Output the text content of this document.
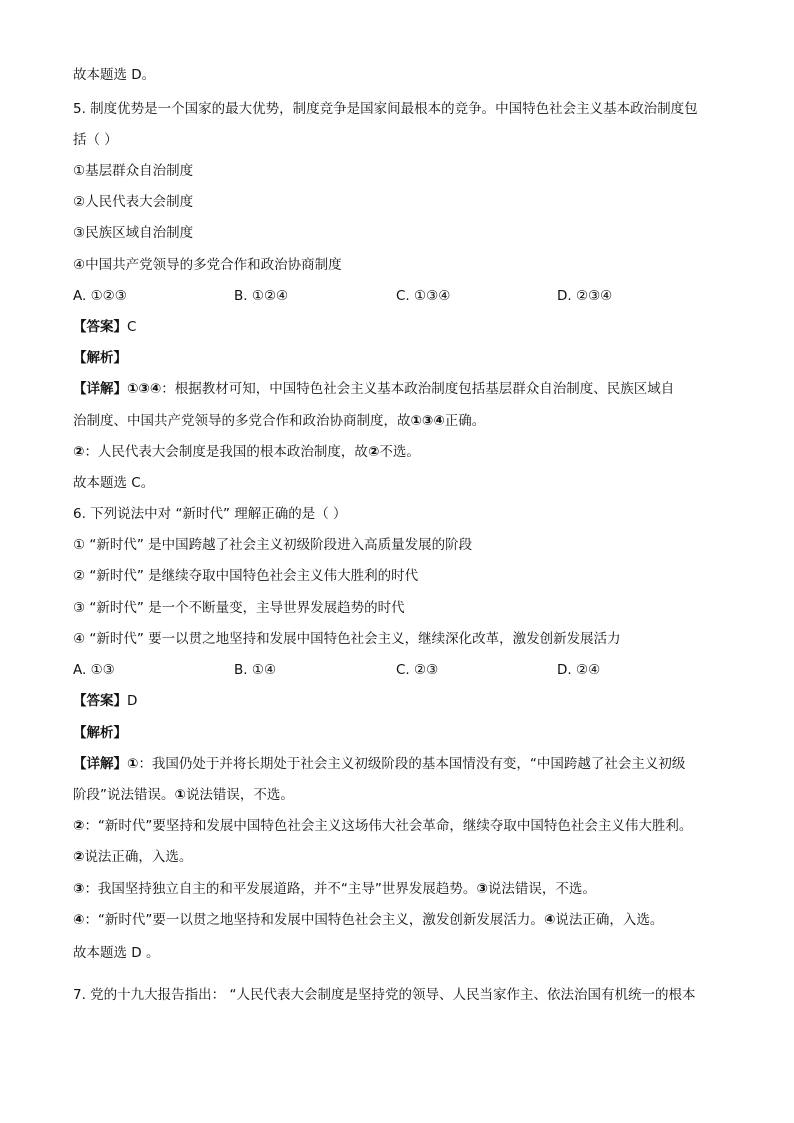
故本题选 D。
5. 制度优势是一个国家的最大优势，制度竞争是国家间最根本的竞争。中国特色社会主义基本政治制度包
括（ ）
①基层群众自治制度
②人民代表大会制度
③民族区域自治制度
④中国共产党领导的多党合作和政治协商制度
A. ①②③	B. ①②④	C. ①③④	D. ②③④
【答案】C
【解析】
【详解】①③④：根据教材可知，中国特色社会主义基本政治制度包括基层群众自治制度、民族区域自
治制度、中国共产党领导的多党合作和政治协商制度，故①③④正确。
②：人民代表大会制度是我国的根本政治制度，故②不选。
故本题选 C。
6. 下列说法中对 “新时代” 理解正确的是（ ）
① “新时代” 是中国跨越了社会主义初级阶段进入高质量发展的阶段
② “新时代” 是继续夺取中国特色社会主义伟大胜利的时代
③ “新时代” 是一个不断量变，主导世界发展趋势的时代
④ “新时代” 要一以贯之地坚持和发展中国特色社会主义，继续深化改革，激发创新发展活力
A. ①③	B. ①④	C. ②③	D. ②④
【答案】D
【解析】
【详解】①：我国仍处于并将长期处于社会主义初级阶段的基本国情没有变，“中国跨越了社会主义初级
阶段”说法错误。①说法错误，不选。
②：“新时代”要坚持和发展中国特色社会主义这场伟大社会革命，继续夺取中国特色社会主义伟大胜利。
②说法正确，入选。
③：我国坚持独立自主的和平发展道路，并不“主导”世界发展趋势。③说法错误，不选。
④：“新时代”要一以贯之地坚持和发展中国特色社会主义，激发创新发展活力。④说法正确，入选。
故本题选 D 。
7. 党的十九大报告指出： “人民代表大会制度是坚持党的领导、人民当家作主、依法治国有机统一的根本
